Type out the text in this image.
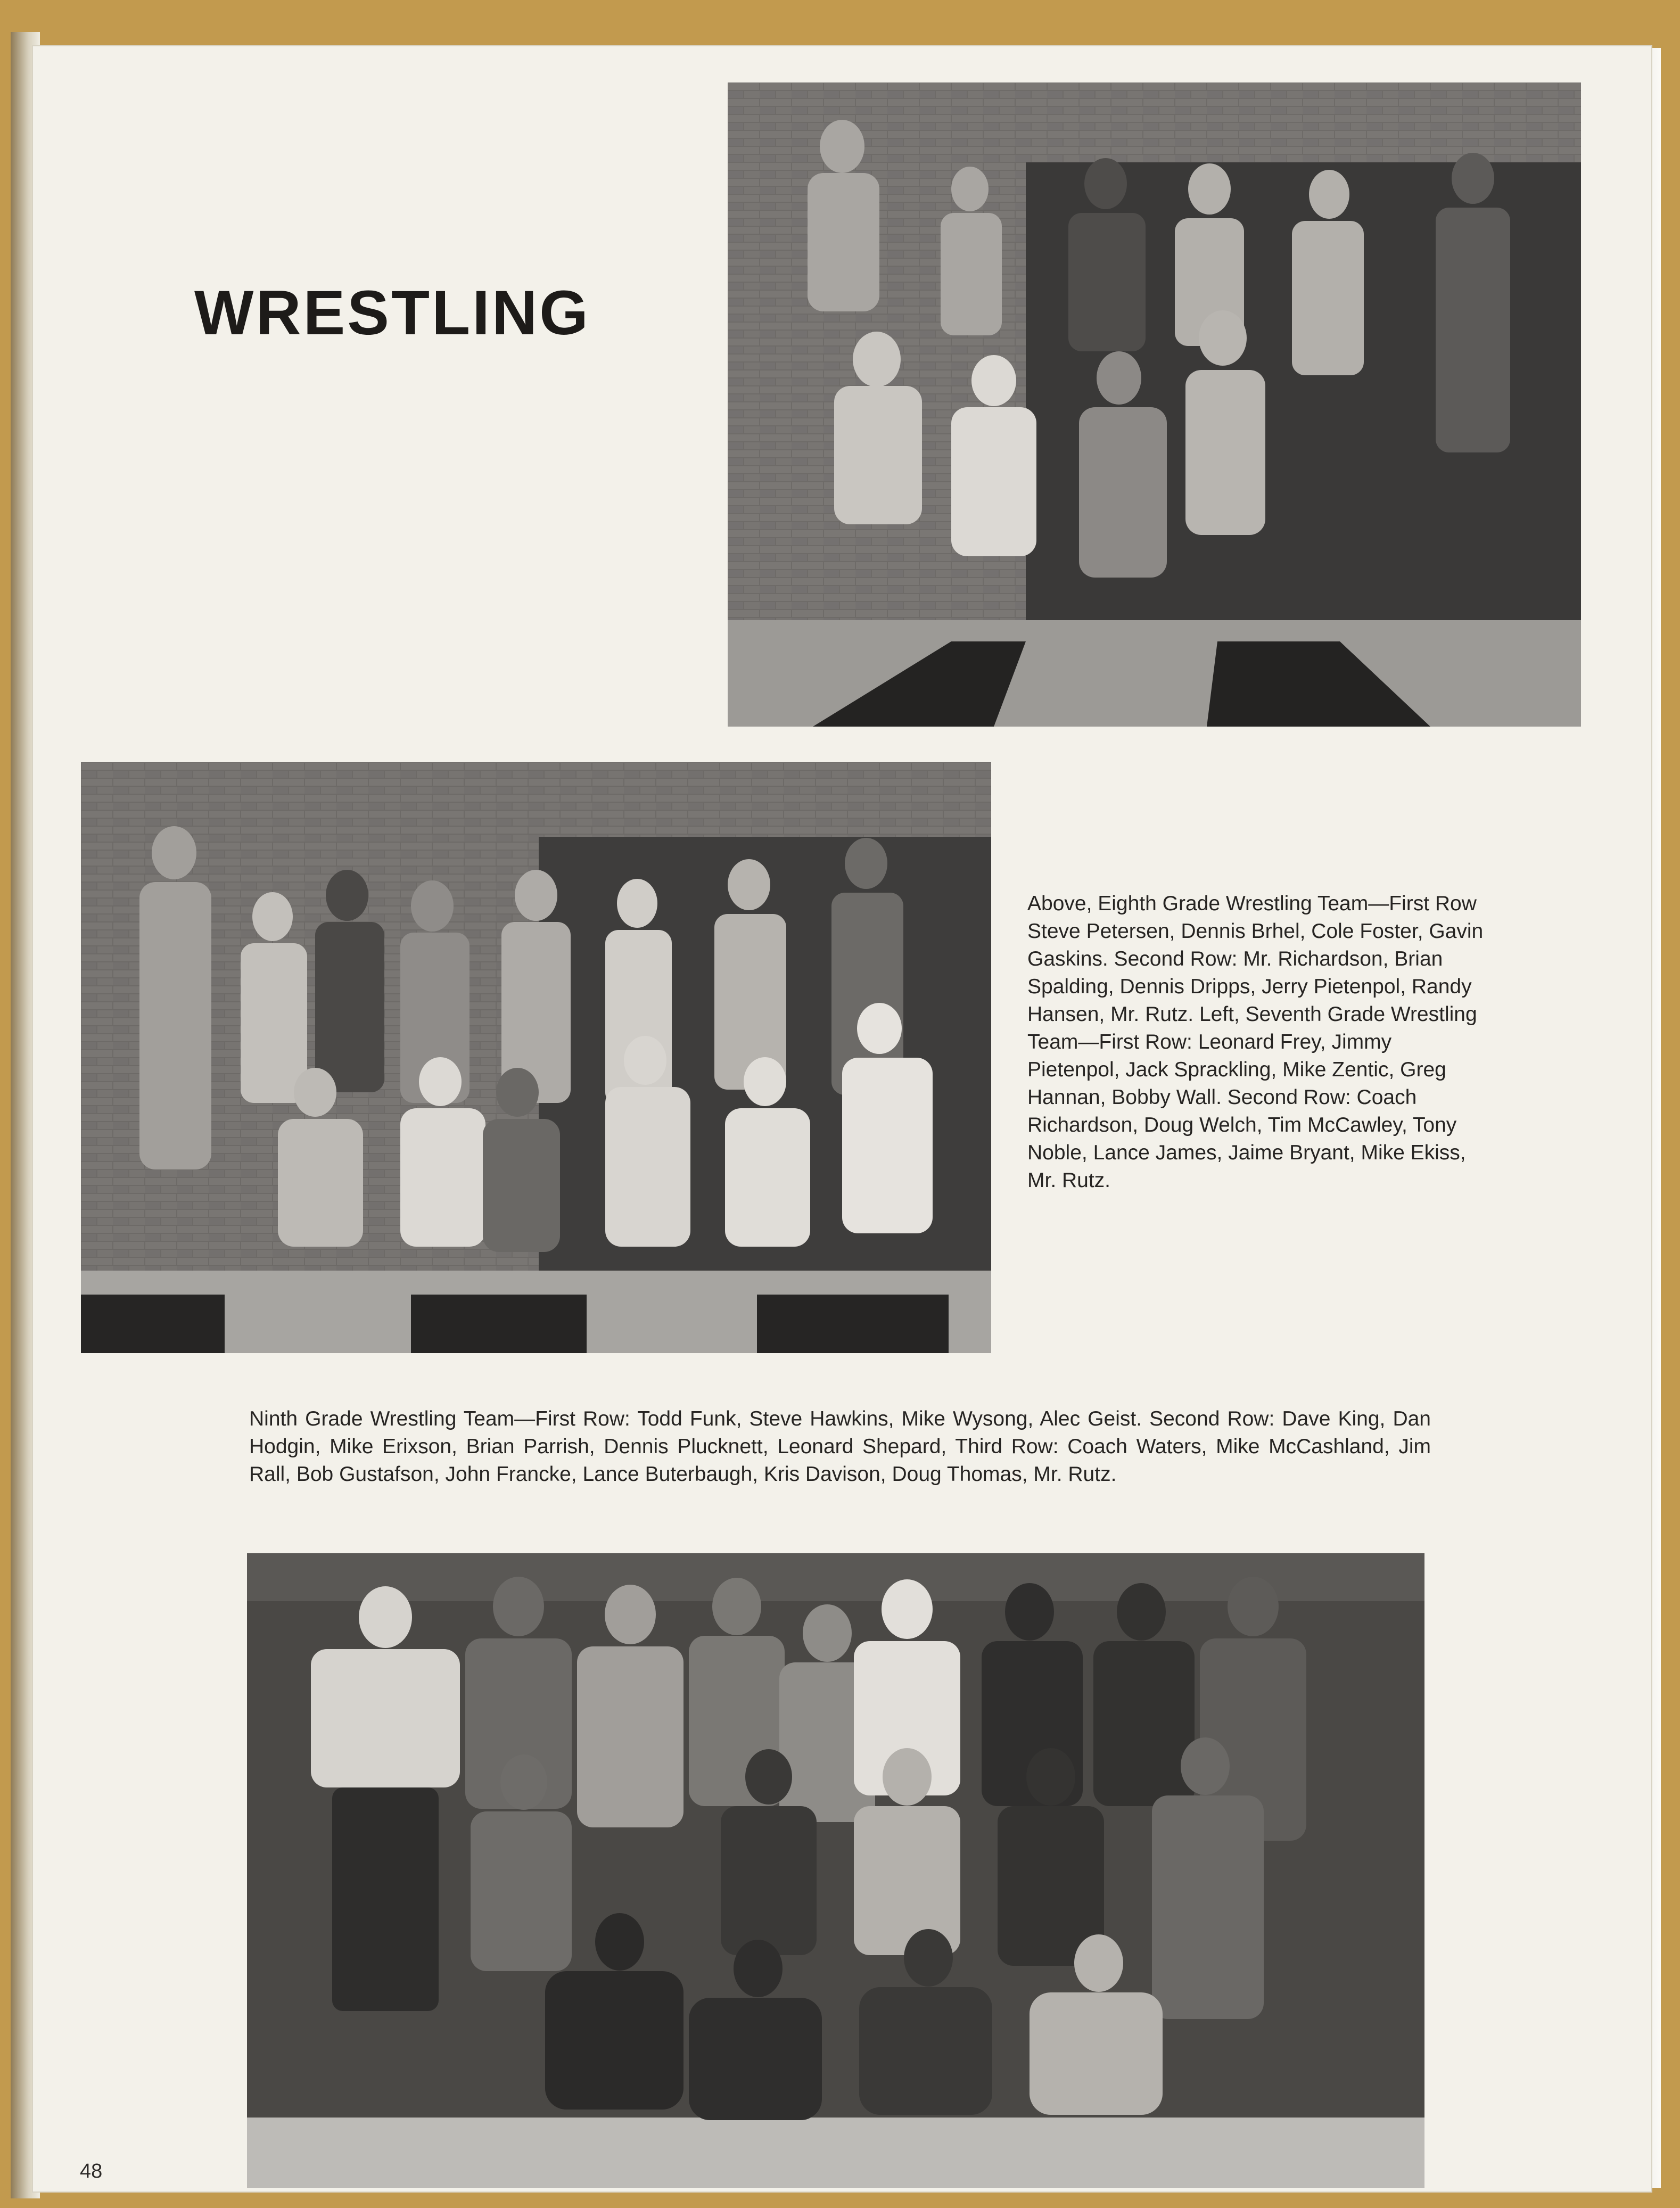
WRESTLING
Above, Eighth Grade Wrestling Team—First Row Steve Petersen, Dennis Brhel, Cole Foster, Gavin Gaskins. Second Row: Mr. Richardson, Brian Spalding, Dennis Dripps, Jerry Pietenpol, Randy Hansen, Mr. Rutz. Left, Seventh Grade Wrestling Team—First Row: Leonard Frey, Jimmy Pietenpol, Jack Sprackling, Mike Zentic, Greg Hannan, Bobby Wall. Second Row: Coach Richardson, Doug Welch, Tim McCawley, Tony Noble, Lance James, Jaime Bryant, Mike Ekiss, Mr. Rutz.
Ninth Grade Wrestling Team—First Row: Todd Funk, Steve Hawkins, Mike Wysong, Alec Geist. Second Row: Dave King, Dan Hodgin, Mike Erixson, Brian Parrish, Dennis Plucknett, Leonard Shepard, Third Row: Coach Waters, Mike McCashland, Jim Rall, Bob Gustafson, John Francke, Lance Buterbaugh, Kris Davison, Doug Thomas, Mr. Rutz.
48
